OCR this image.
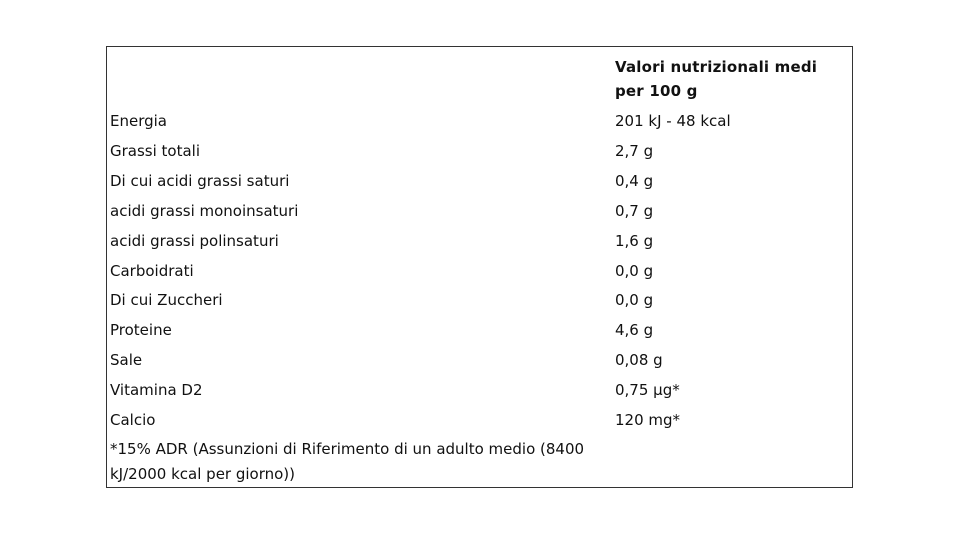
Valori nutrizionali medi per 100 g
Energia	201 kJ - 48 kcal
Grassi totali	2,7 g
Di cui acidi grassi saturi	0,4 g
acidi grassi monoinsaturi	0,7 g
acidi grassi polinsaturi	1,6 g
Carboidrati	0,0 g
Di cui Zuccheri	0,0 g
Proteine	4,6 g
Sale	0,08 g
Vitamina D2	0,75 µg*
Calcio	120 mg*
*15% ADR (Assunzioni di Riferimento di un adulto medio (8400 kJ/2000 kcal per giorno))
